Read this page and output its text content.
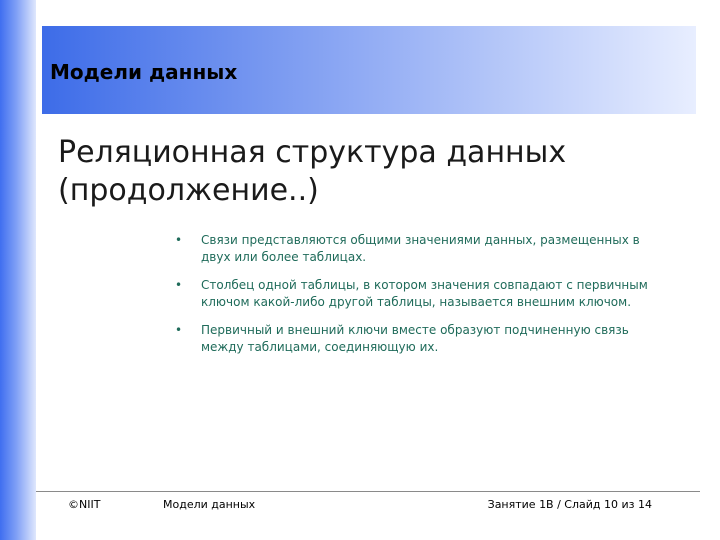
Модели данных
Реляционная структура данных (продолжение..)
• Связи представляются общими значениями данных, размещенных в двух или более таблицах.
• Столбец одной таблицы, в котором значения совпадают с первичным ключом какой-либо другой таблицы, называется внешним ключом.
• Первичный и внешний ключи вместе образуют подчиненную связь между таблицами, соединяющую их.
©NIIT	Модели данных	Занятие 1B / Слайд 10 из 14
